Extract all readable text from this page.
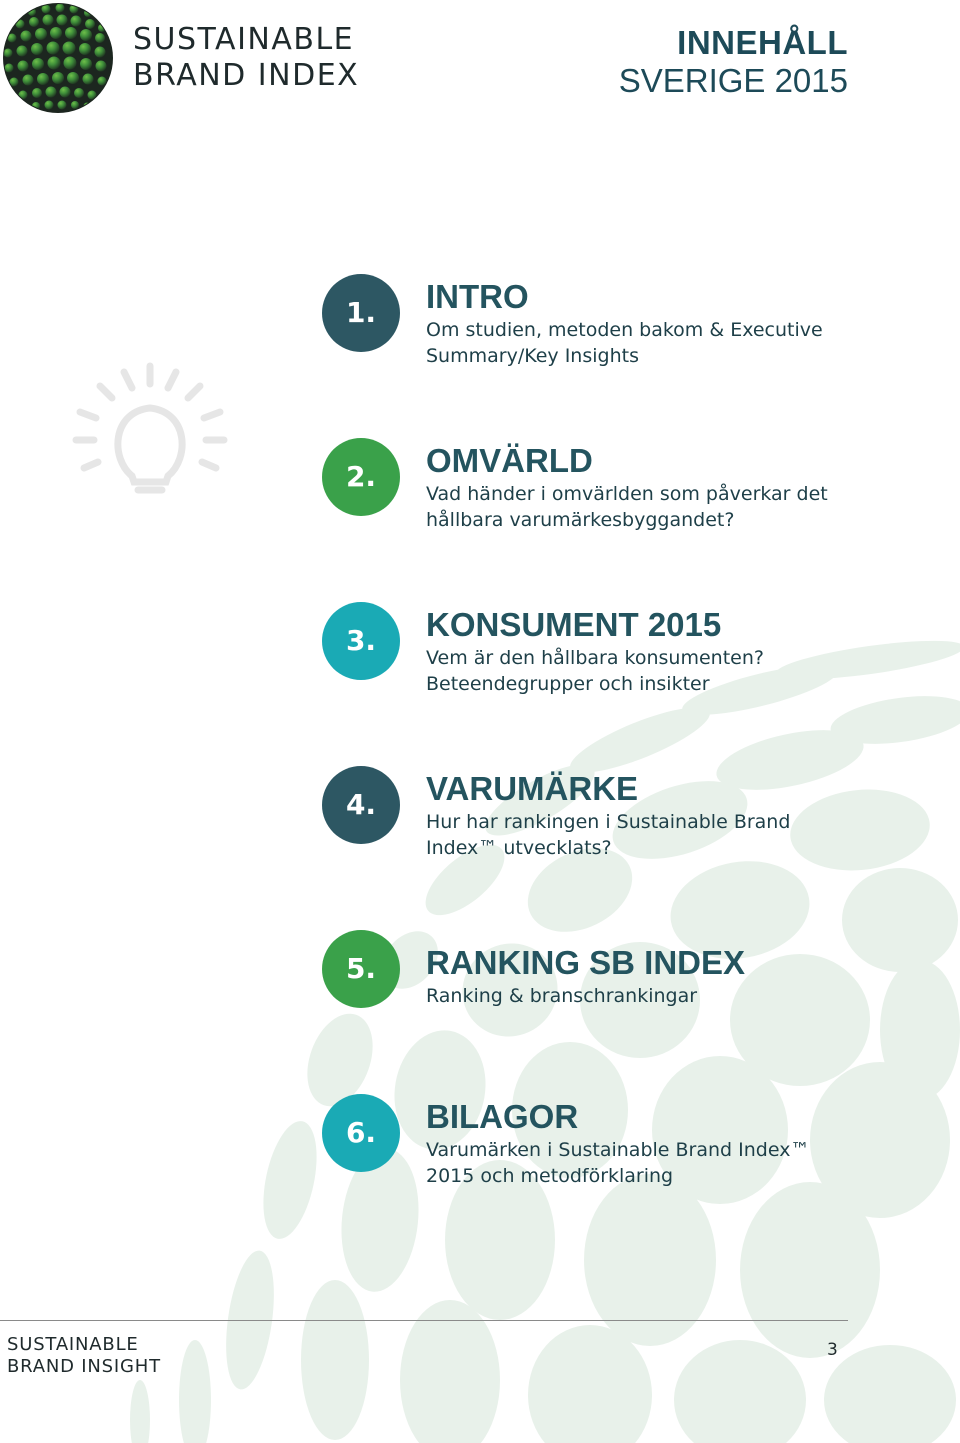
SUSTAINABLE
BRAND INDEX
INNEHÅLL
SVERIGE 2015
1.	INTRO
Om studien, metoden bakom & Executive
Summary/Key Insights
2.	OMVÄRLD
Vad händer i omvärlden som påverkar det
hållbara varumärkesbyggandet?
3.	KONSUMENT 2015
Vem är den hållbara konsumenten?
Beteendegrupper och insikter
4.	VARUMÄRKE
Hur har rankingen i Sustainable Brand
Index™ utvecklats?
5.	RANKING SB INDEX
Ranking & branschrankingar
6.	BILAGOR
Varumärken i Sustainable Brand Index™
2015 och metodförklaring
SUSTAINABLE
BRAND INSIGHT
3
